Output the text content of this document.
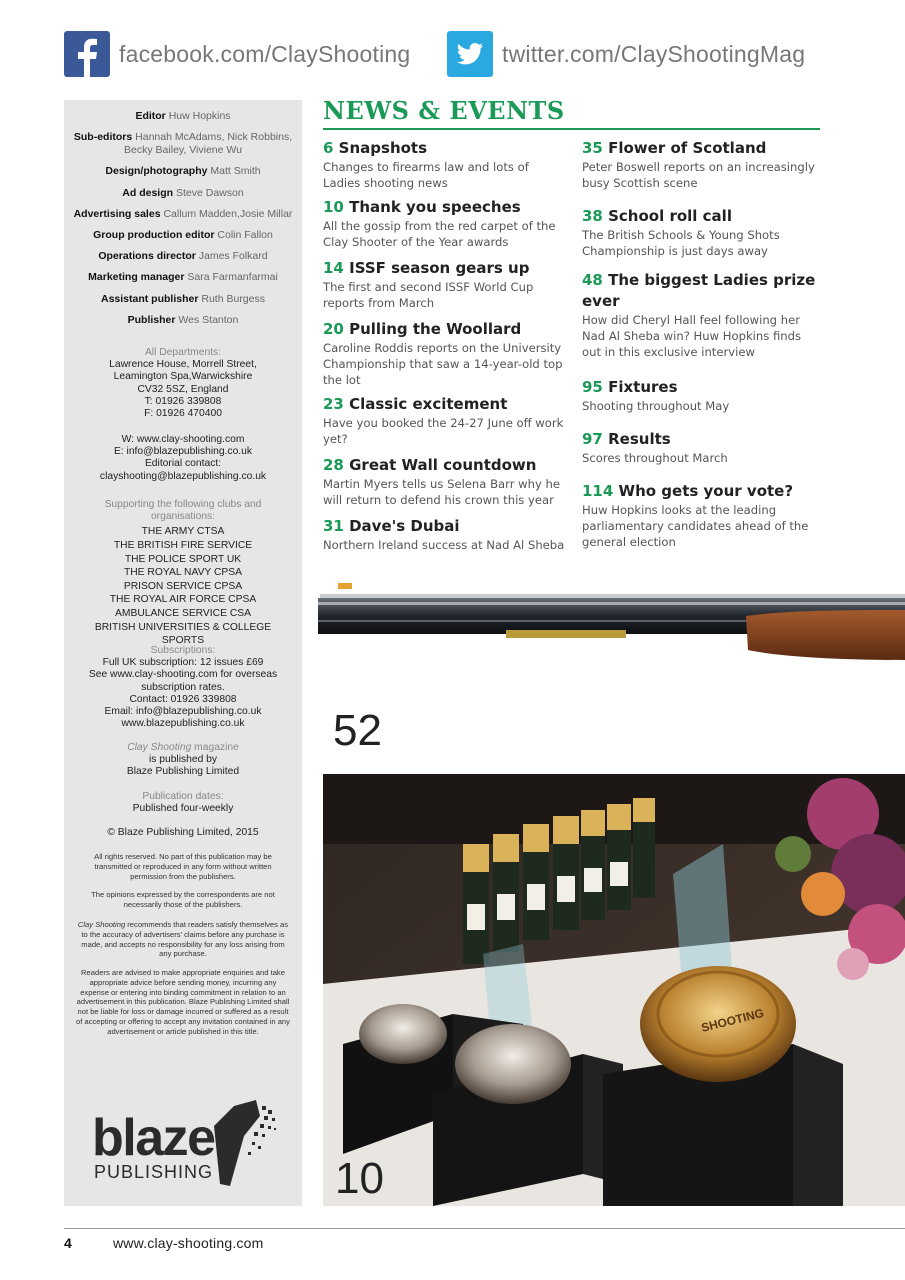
facebook.com/ClayShooting	twitter.com/ClayShootingMag
Editor Huw Hopkins
Sub-editors Hannah McAdams, Nick Robbins, Becky Bailey, Viviene Wu
Design/photography Matt Smith
Ad design Steve Dawson
Advertising sales Callum Madden,Josie Millar
Group production editor Colin Fallon
Operations director James Folkard
Marketing manager Sara Farmanfarmai
Assistant publisher Ruth Burgess
Publisher Wes Stanton
All Departments:
Lawrence House, Morrell Street,
Leamington Spa,Warwickshire
CV32 5SZ, England
T: 01926 339808
F: 01926 470400
W: www.clay-shooting.com
E: info@blazepublishing.co.uk
Editorial contact:
clayshooting@blazepublishing.co.uk
Supporting the following clubs and organisations:
THE ARMY CTSA
THE BRITISH FIRE SERVICE
THE POLICE SPORT UK
THE ROYAL NAVY CPSA
PRISON SERVICE CPSA
THE ROYAL AIR FORCE CPSA
AMBULANCE SERVICE CSA
BRITISH UNIVERSITIES & COLLEGE SPORTS
Subscriptions:
Full UK subscription: 12 issues £69
See www.clay-shooting.com for overseas subscription rates.
Contact: 01926 339808
Email: info@blazepublishing.co.uk
www.blazepublishing.co.uk
Clay Shooting magazine
is published by
Blaze Publishing Limited
Publication dates:
Published four-weekly
© Blaze Publishing Limited, 2015
All rights reserved. No part of this publication may be transmitted or reproduced in any form without written permission from the publishers.
The opinions expressed by the correspondents are not necessarily those of the publishers.
Clay Shooting recommends that readers satisfy themselves as to the accuracy of advertisers' claims before any purchase is made, and accepts no responsibility for any loss arising from any purchase.
Readers are advised to make appropriate enquiries and take appropriate advice before sending money, incurring any expense or entering into binding commitment in relation to an advertisement in this publication. Blaze Publishing Limited shall not be liable for loss or damage incurred or suffered as a result of accepting or offering to accept any invitation contained in any advertisement or article published in this title.
blaze
PUBLISHING
NEWS & EVENTS
6 Snapshots
Changes to firearms law and lots of Ladies shooting news
10 Thank you speeches
All the gossip from the red carpet of the Clay Shooter of the Year awards
14 ISSF season gears up
The first and second ISSF World Cup reports from March
20 Pulling the Woollard
Caroline Roddis reports on the University Championship that saw a 14-year-old top the lot
23 Classic excitement
Have you booked the 24-27 June off work yet?
28 Great Wall countdown
Martin Myers tells us Selena Barr why he will return to defend his crown this year
31 Dave's Dubai
Northern Ireland success at Nad Al Sheba
35 Flower of Scotland
Peter Boswell reports on an increasingly busy Scottish scene
38 School roll call
The British Schools & Young Shots Championship is just days away
48 The biggest Ladies prize ever
How did Cheryl Hall feel following her Nad Al Sheba win? Huw Hopkins finds out in this exclusive interview
95 Fixtures
Shooting throughout May
97 Results
Scores throughout March
114 Who gets your vote?
Huw Hopkins looks at the leading parliamentary candidates ahead of the general election
52
SHOOTING
10
4	www.clay-shooting.com
